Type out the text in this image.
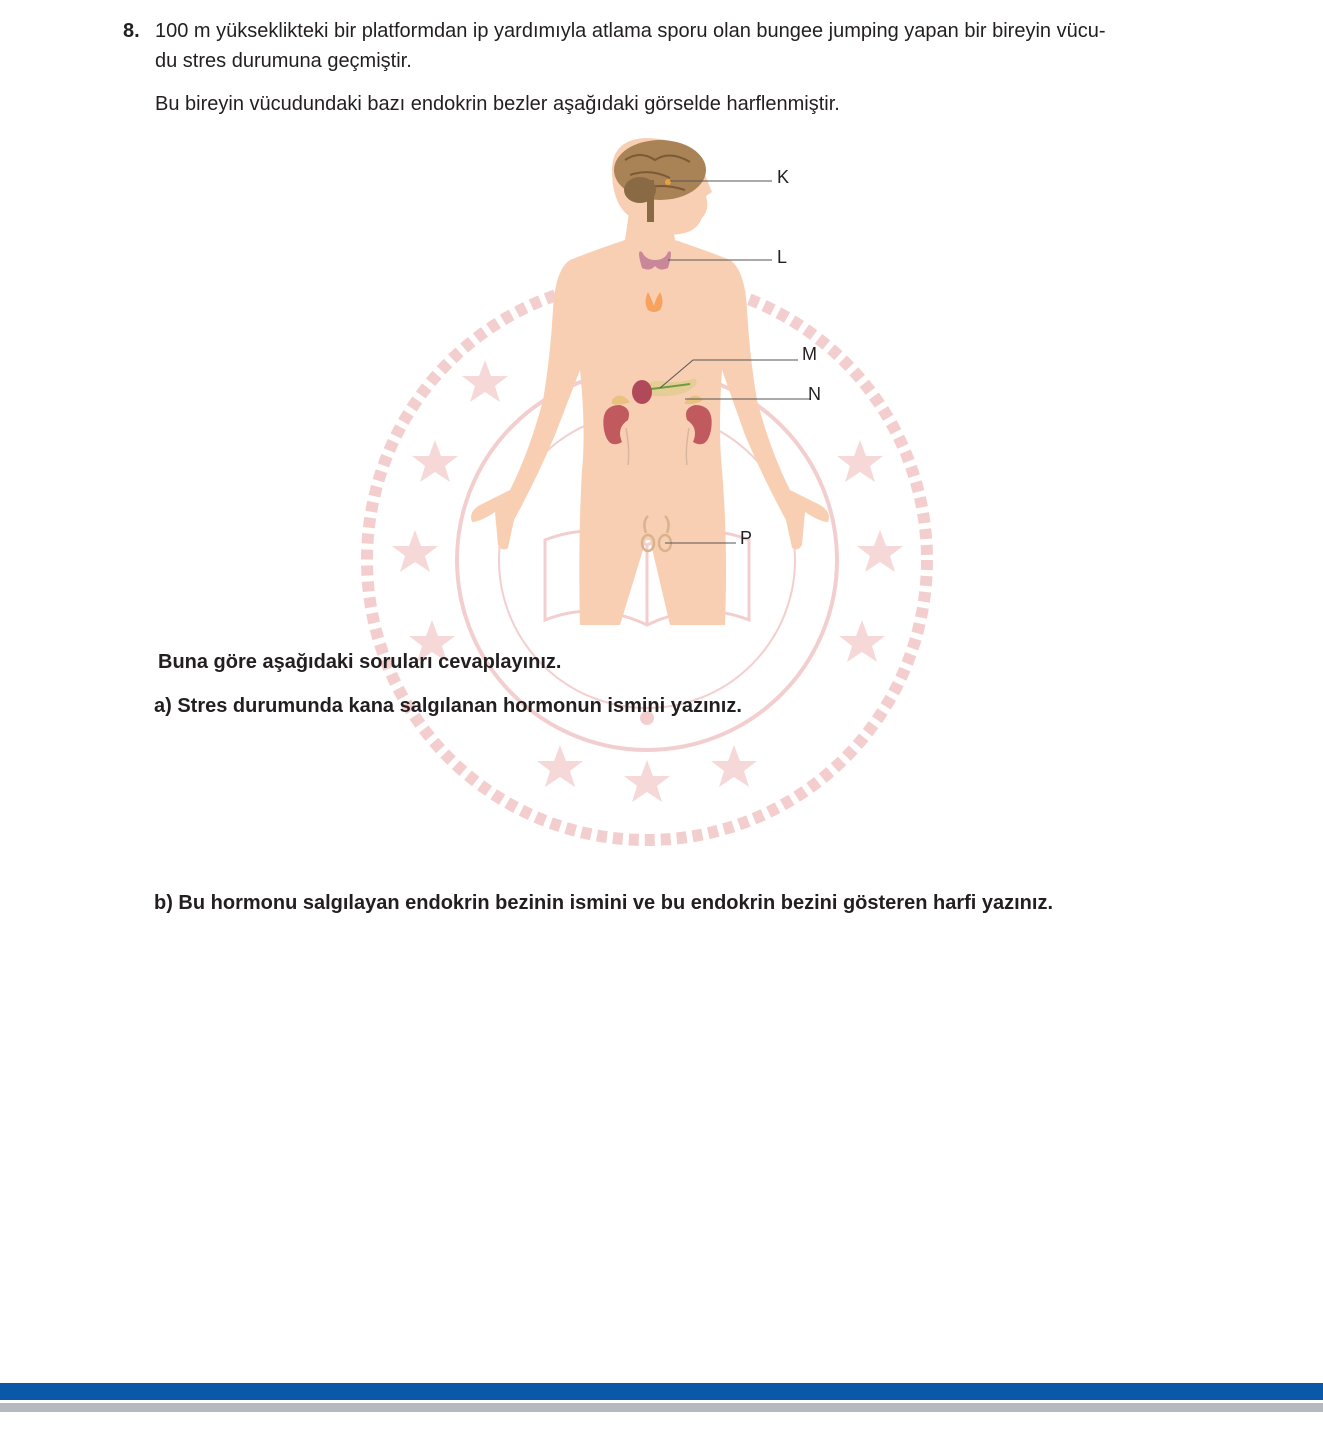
8. 100 m yükseklikteki bir platformdan ip yardımıyla atlama sporu olan bungee jumping yapan bir bireyin vücu-
du stres durumuna geçmiştir.
Bu bireyin vücudundaki bazı endokrin bezler aşağıdaki görselde harflenmiştir.
K
L
M
N
P
Buna göre aşağıdaki soruları cevaplayınız.
a) Stres durumunda kana salgılanan hormonun ismini yazınız.
b) Bu hormonu salgılayan endokrin bezinin ismini ve bu endokrin bezini gösteren harfi yazınız.
